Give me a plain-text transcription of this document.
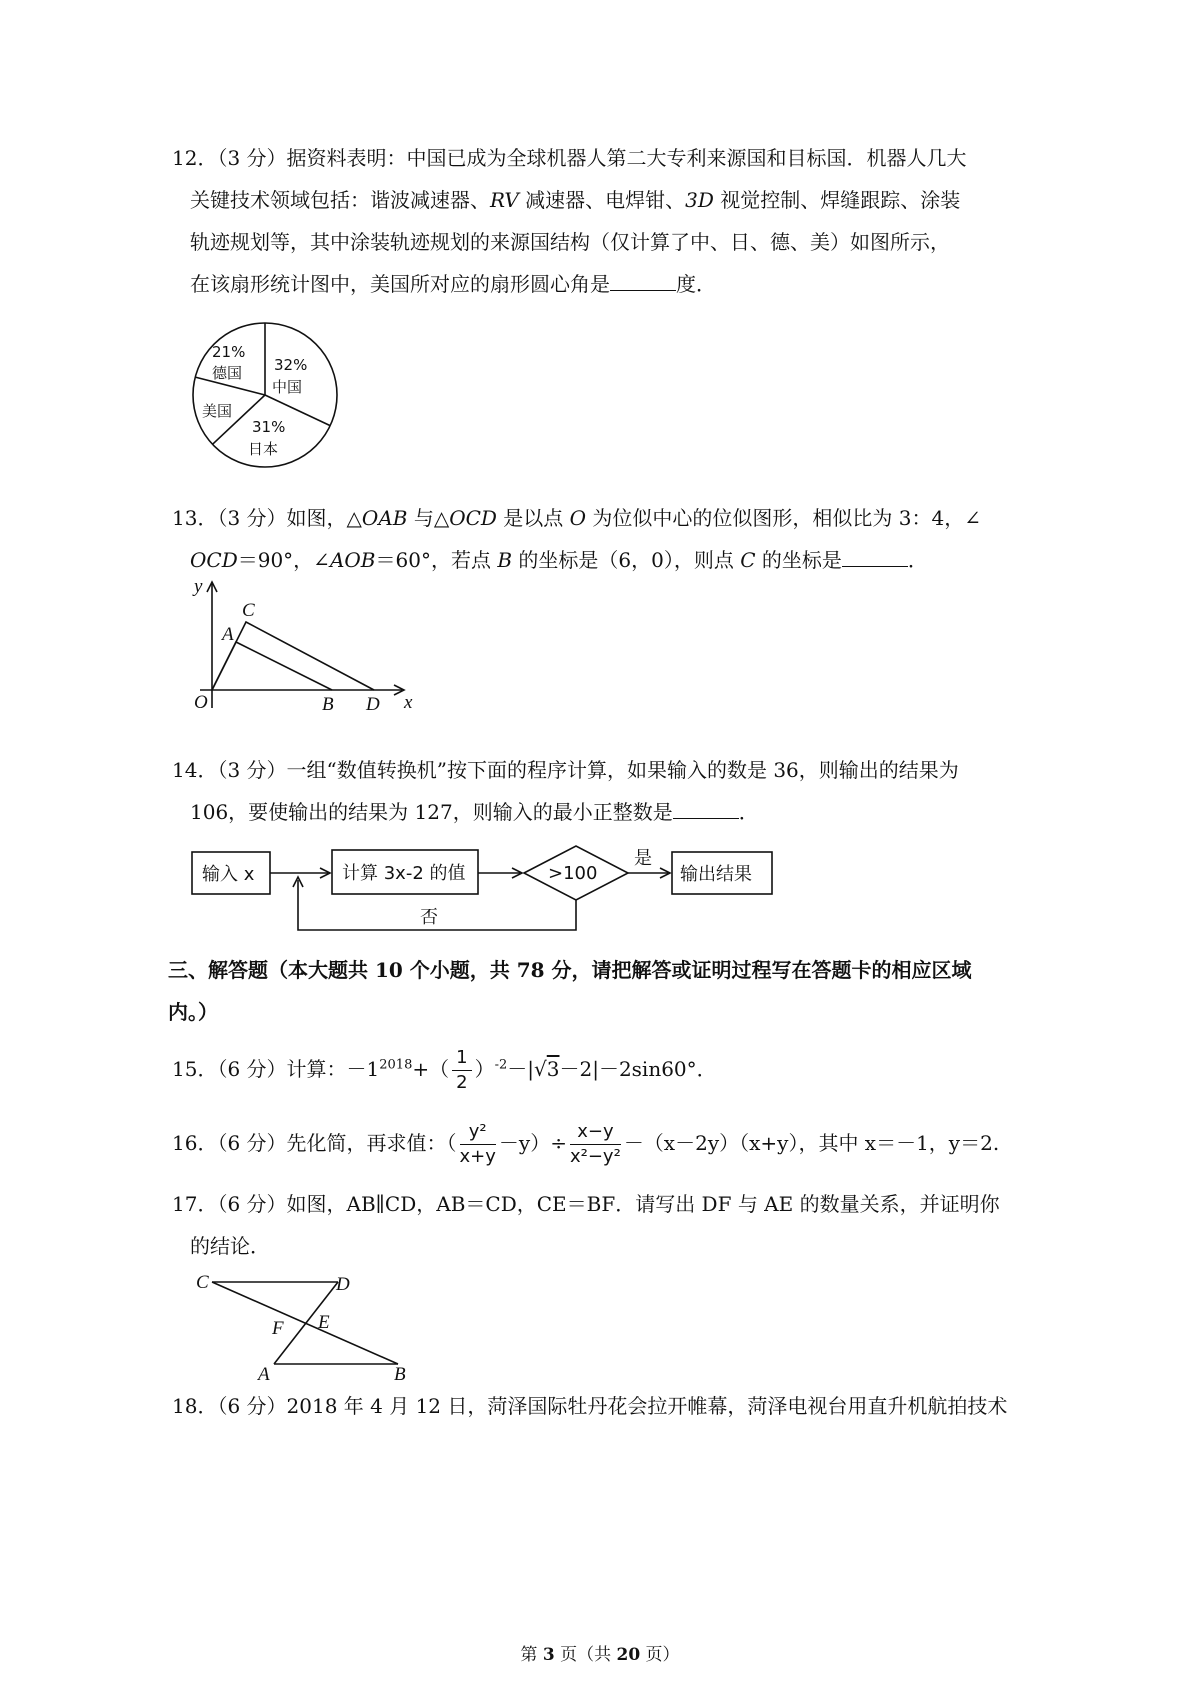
12．（3 分）据资料表明：中国已成为全球机器人第二大专利来源国和目标国．机器人几大
关键技术领域包括：谐波减速器、RV 减速器、电焊钳、3D 视觉控制、焊缝跟踪、涂装
轨迹规划等，其中涂装轨迹规划的来源国结构（仅计算了中、日、德、美）如图所示，
在该扇形统计图中，美国所对应的扇形圆心角是	度．
21%
德国 32%
中国
美国
31%
日本
13．（3 分）如图，△OAB 与△OCD 是以点 O 为位似中心的位似图形，相似比为 3：4，∠
OCD＝90°，∠AOB＝60°，若点 B 的坐标是（6，0），则点 C 的坐标是	．
y
x
O
A
C
B D
14．（3 分）一组“数值转换机”按下面的程序计算，如果输入的数是 36，则输出的结果为
106，要使输出的结果为 127，则输入的最小正整数是	．
输入 x	计算 3x-2 的值	>100
是
输出结果
否
三、解答题（本大题共 10 个小题，共 78 分，请把解答或证明过程写在答题卡的相应区域
内。）
15．（6 分）计算：$-1^{2018}+( \frac{1}{2} )^{-2}-|√3-2|-2\sin 60^\circ$．
16．（6 分）先化简，再求值：（ $\frac{\text{y²}}{x+y} -y)\div \frac{x-y}{\text{x²−y²}} -(x-2y)(x+y)$，其中 x＝－1，y＝2.
17．（6 分）如图，AB∥CD，AB＝CD，CE＝BF．请写出 DF 与 AE 的数量关系，并证明你
的结论．
C	D
F E
A	B
18．（6 分）2018 年 4 月 12 日，菏泽国际牡丹花会拉开帷幕，菏泽电视台用直升机航拍技术
第 3 页（共 20 页）
